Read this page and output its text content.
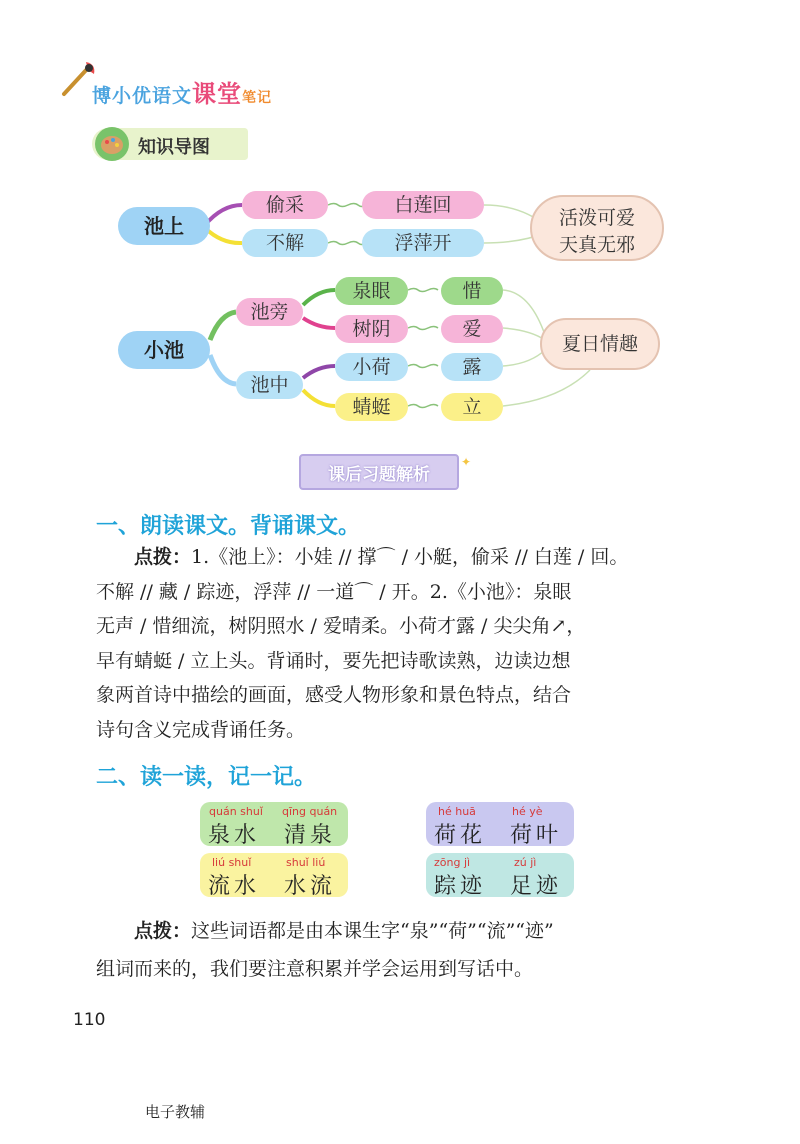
博小优语文课堂笔记
知识导图
池上
偷采	白莲回
不解	浮萍开
活泼可爱
天真无邪
小池
池旁
池中
泉眼	惜
树阴	爱
小荷	露
蜻蜓	立
夏日情趣
课后习题解析
✦
一、朗读课文。背诵课文。
点拨：1.《池上》：小娃 // 撑⌒ / 小艇，偷采 // 白莲 / 回。
不解 // 藏 / 踪迹，浮萍 // 一道⌒ / 开。2.《小池》：泉眼
无声 / 惜细流，树阴照水 / 爱晴柔。小荷才露 / 尖尖角↗，
早有蜻蜓 / 立上头。背诵时，要先把诗歌读熟，边读边想
象两首诗中描绘的画面，感受人物形象和景色特点，结合
诗句含义完成背诵任务。
二、读一读，记一记。
quán shuǐ qīng quán
泉水 清泉
hé huā	hé yè
荷花 荷叶
liú shuǐ	shuǐ liú
流水 水流
zōng jì	zú jì
踪迹 足迹
点拨：这些词语都是由本课生字“泉”“荷”“流”“迹”
组词而来的，我们要注意积累并学会运用到写话中。
110
电子教辅
